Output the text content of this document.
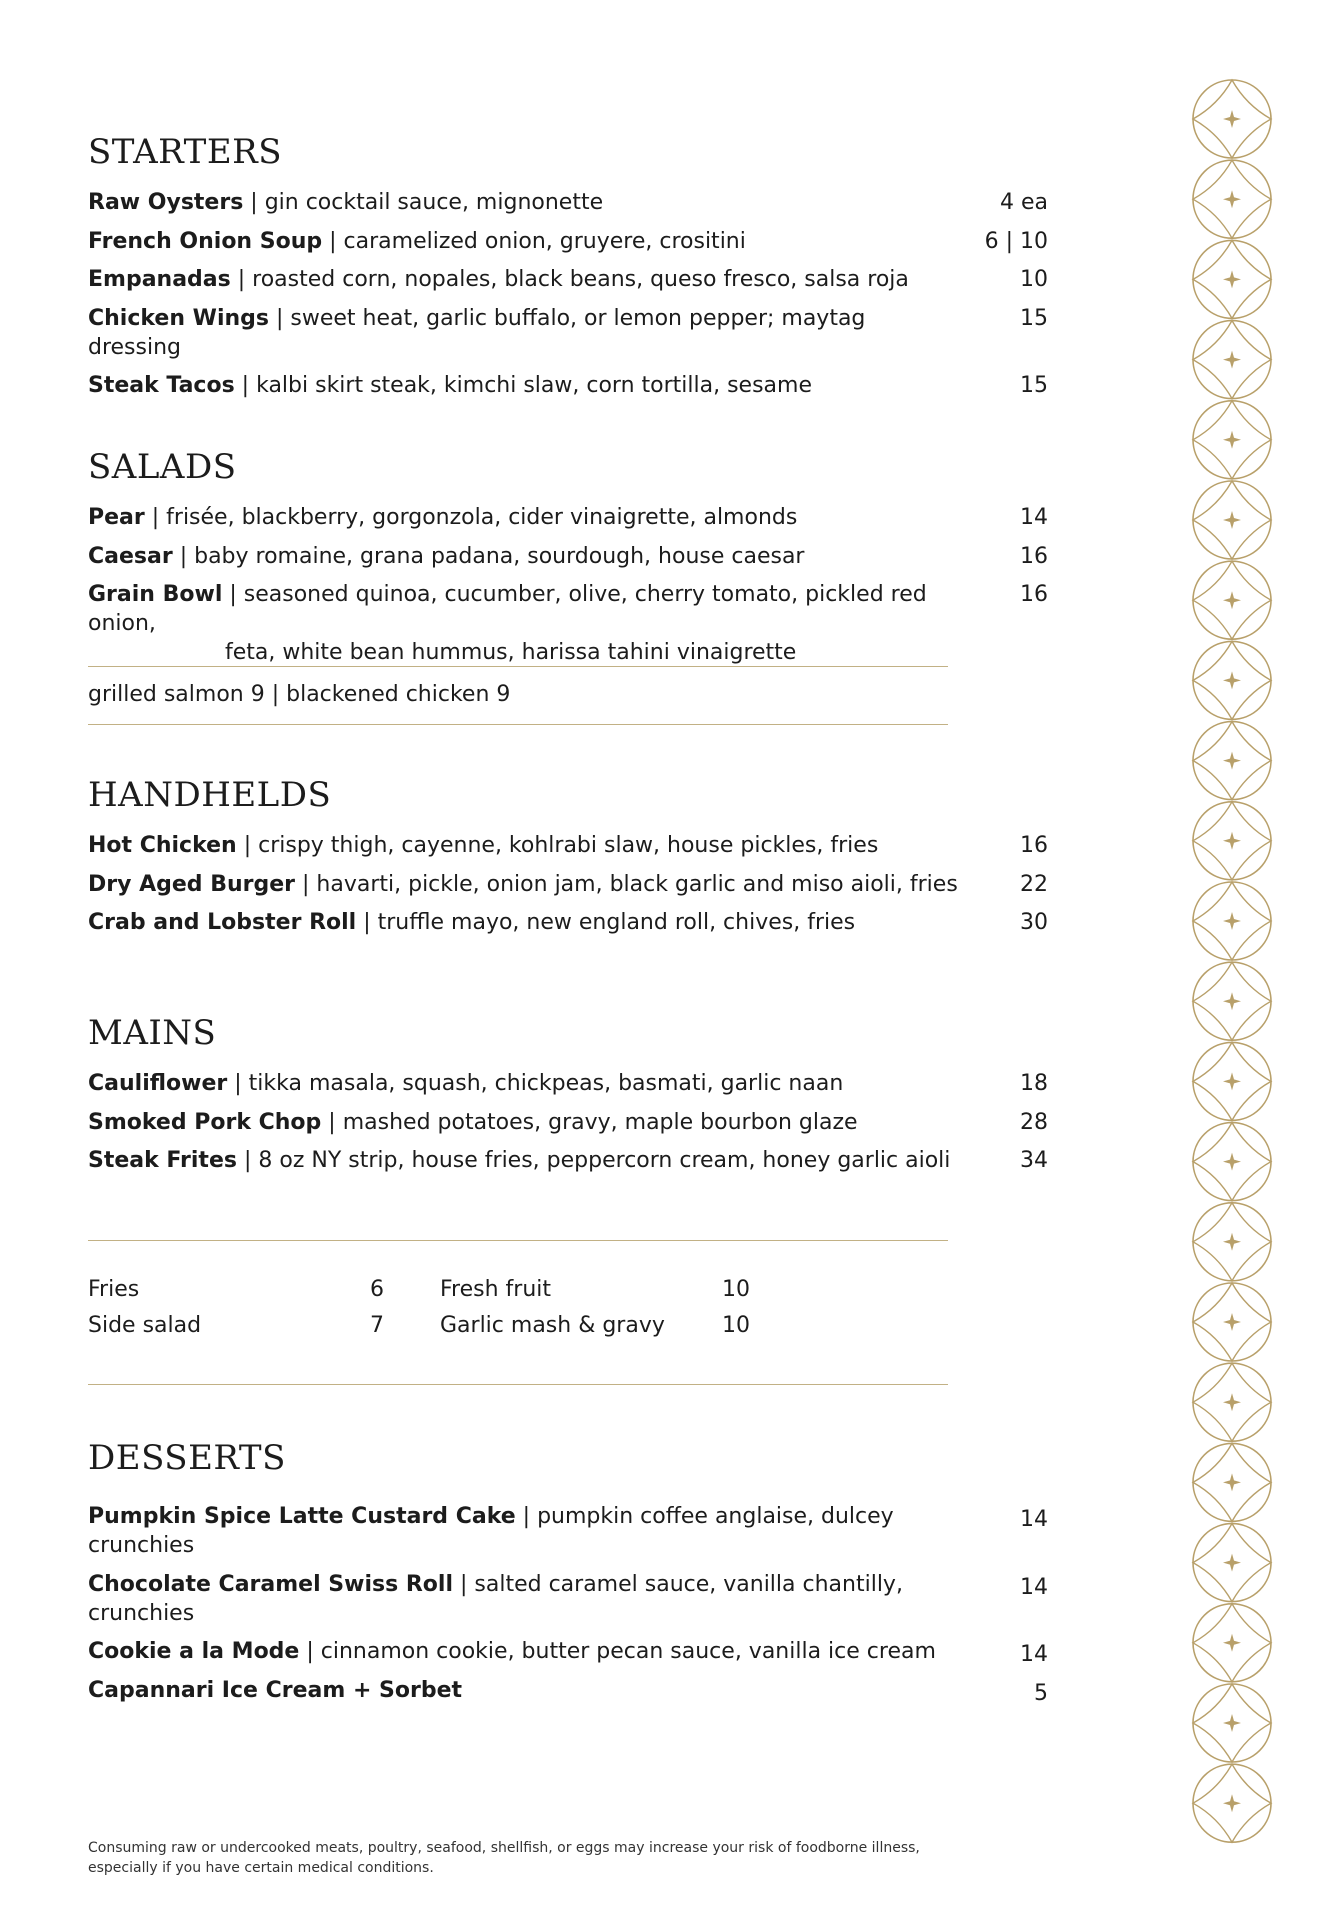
STARTERS
Raw Oysters | gin cocktail sauce, mignonette	4 ea
French Onion Soup | caramelized onion, gruyere, crositini	6 | 10
Empanadas | roasted corn, nopales, black beans, queso fresco, salsa roja	10
Chicken Wings | sweet heat, garlic buffalo, or lemon pepper; maytag dressing
15
Steak Tacos | kalbi skirt steak, kimchi slaw, corn tortilla, sesame	15
SALADS
Pear | frisée, blackberry, gorgonzola, cider vinaigrette, almonds	14
Caesar | baby romaine, grana padana, sourdough, house caesar	16
Grain Bowl | seasoned quinoa, cucumber, olive, cherry tomato, pickled red onion,
feta, white bean hummus, harissa tahini vinaigrette
16
grilled salmon 9 | blackened chicken 9
HANDHELDS
Hot Chicken | crispy thigh, cayenne, kohlrabi slaw, house pickles, fries	16
Dry Aged Burger | havarti, pickle, onion jam, black garlic and miso aioli, fries	22
Crab and Lobster Roll | truffle mayo, new england roll, chives, fries	30
MAINS
Cauliflower | tikka masala, squash, chickpeas, basmati, garlic naan	18
Smoked Pork Chop | mashed potatoes, gravy, maple bourbon glaze	28
Steak Frites | 8 oz NY strip, house fries, peppercorn cream, honey garlic aioli	34
Fries	6
Side salad	7
Fresh fruit	10
Garlic mash & gravy	10
DESSERTS
Pumpkin Spice Latte Custard Cake | pumpkin coffee anglaise, dulcey crunchies
14
Chocolate Caramel Swiss Roll | salted caramel sauce, vanilla chantilly, crunchies
14
Cookie a la Mode | cinnamon cookie, butter pecan sauce, vanilla ice cream	14
Capannari Ice Cream + Sorbet	5
Consuming raw or undercooked meats, poultry, seafood, shellfish, or eggs may increase your risk of foodborne illness,
especially if you have certain medical conditions.
